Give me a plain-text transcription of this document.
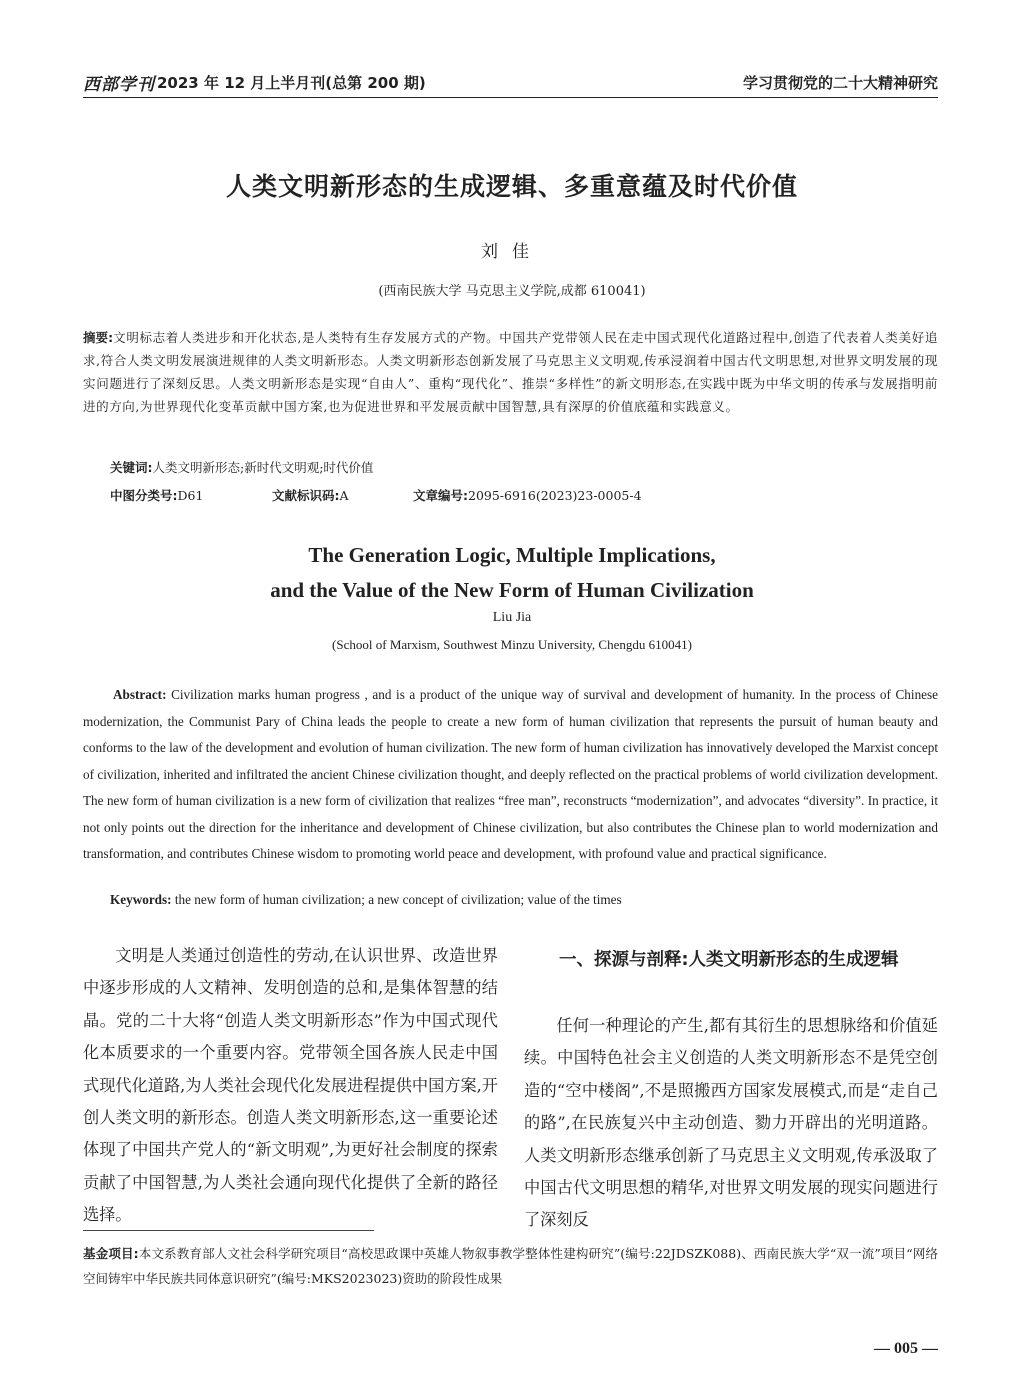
西部学刊 2023 年 12 月上半月刊(总第 200 期)	学习贯彻党的二十大精神研究
人类文明新形态的生成逻辑、多重意蕴及时代价值
刘佳
(西南民族大学 马克思主义学院,成都 610041)
摘要:文明标志着人类进步和开化状态,是人类特有生存发展方式的产物。中国共产党带领人民在走中国式现代化道路过程中,创造了代表着人类美好追求,符合人类文明发展演进规律的人类文明新形态。人类文明新形态创新发展了马克思主义文明观,传承浸润着中国古代文明思想,对世界文明发展的现实问题进行了深刻反思。人类文明新形态是实现“自由人”、重构“现代化”、推崇“多样性”的新文明形态,在实践中既为中华文明的传承与发展指明前进的方向,为世界现代化变革贡献中国方案,也为促进世界和平发展贡献中国智慧,具有深厚的价值底蕴和实践意义。
关键词:人类文明新形态;新时代文明观;时代价值
中图分类号:D61	文献标识码:A	文章编号:2095-6916(2023)23-0005-4
The Generation Logic, Multiple Implications,
and the Value of the New Form of Human Civilization
Liu Jia
(School of Marxism, Southwest Minzu University, Chengdu 610041)
Abstract: Civilization marks human progress , and is a product of the unique way of survival and development of humanity. In the process of Chinese modernization, the Communist Pary of China leads the people to create a new form of human civilization that represents the pursuit of human beauty and conforms to the law of the development and evolution of human civilization. The new form of human civilization has innovatively developed the Marxist concept of civilization, inherited and infiltrated the ancient Chinese civilization thought, and deeply reflected on the practical problems of world civilization development. The new form of human civilization is a new form of civilization that realizes “free man”, reconstructs “modernization”, and advocates “diversity”. In practice, it not only points out the direction for the inheritance and development of Chinese civilization, but also contributes the Chinese plan to world modernization and transformation, and contributes Chinese wisdom to promoting world peace and development, with profound value and practical significance.
Keywords: the new form of human civilization; a new concept of civilization; value of the times

文明是人类通过创造性的劳动,在认识世界、改造世界中逐步形成的人文精神、发明创造的总和,是集体智慧的结晶。党的二十大将“创造人类文明新形态”作为中国式现代化本质要求的一个重要内容。党带领全国各族人民走中国式现代化道路,为人类社会现代化发展进程提供中国方案,开创人类文明的新形态。创造人类文明新形态,这一重要论述体现了中国共产党人的“新文明观”,为更好社会制度的探索贡献了中国智慧,为人类社会通向现代化提供了全新的路径选择。

一、探源与剖释:人类文明新形态的生成逻辑

任何一种理论的产生,都有其衍生的思想脉络和价值延续。中国特色社会主义创造的人类文明新形态不是凭空创造的“空中楼阁”,不是照搬西方国家发展模式,而是“走自己的路”,在民族复兴中主动创造、勠力开辟出的光明道路。人类文明新形态继承创新了马克思主义文明观,传承汲取了中国古代文明思想的精华,对世界文明发展的现实问题进行了深刻反

基金项目:本文系教育部人文社会科学研究项目“高校思政课中英雄人物叙事教学整体性建构研究”(编号:22JDSZK088)、西南民族大学“双一流”项目“网络空间铸牢中华民族共同体意识研究”(编号:MKS2023023)资助的阶段性成果
— 005 —
